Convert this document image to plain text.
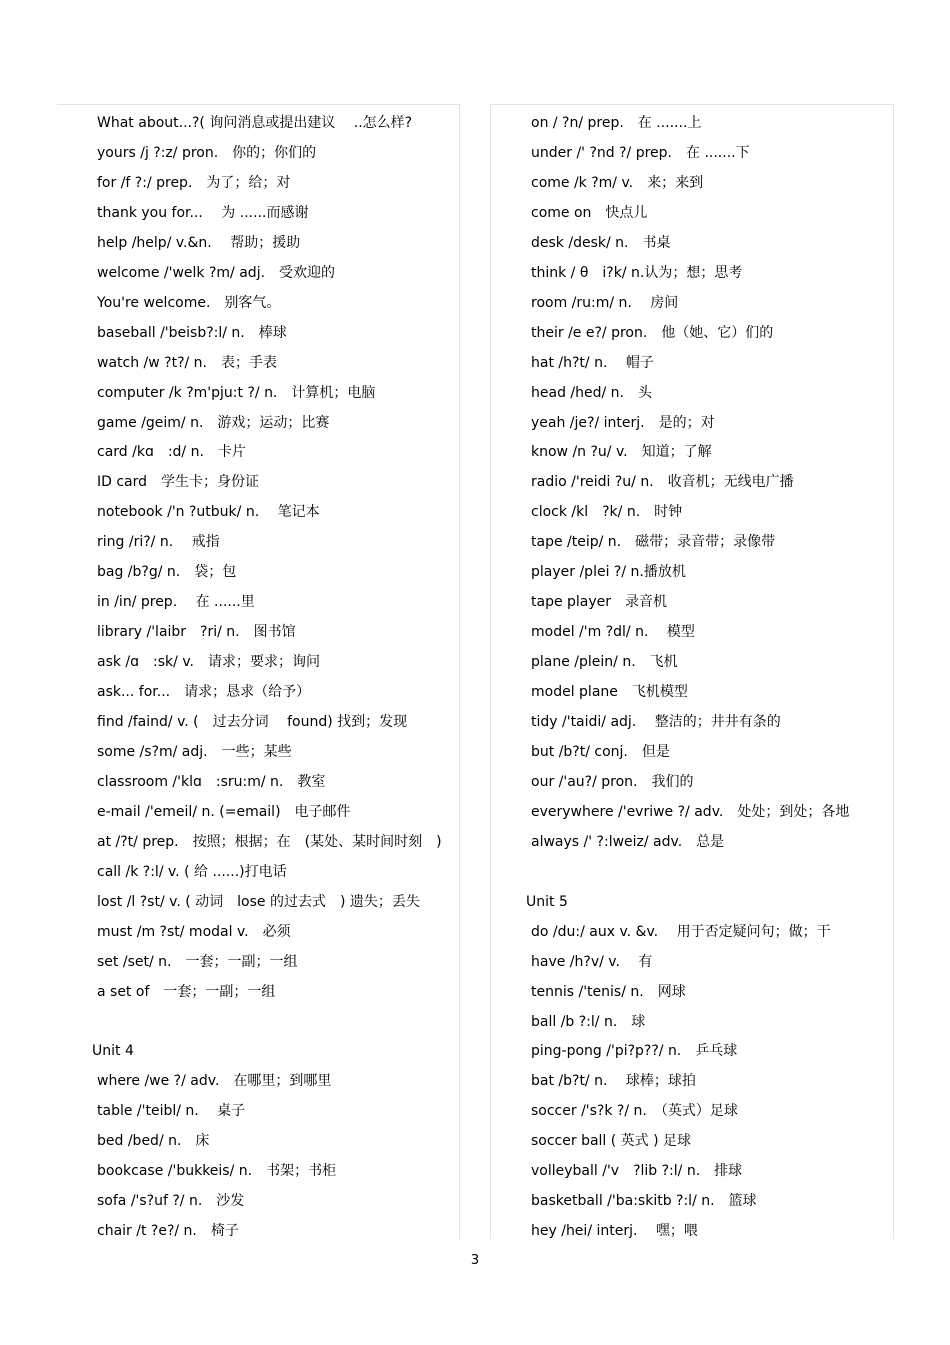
What about...?( 询问消息或提出建议　 ..怎么样?
yours /j ?:z/ pron.　你的；你们的
for /f ?:/ prep.　为了；给；对
thank you for...　 为 ......而感谢
help /help/ v.&n.　 帮助；援助
welcome /'welk ?m/ adj.　受欢迎的
You're welcome.　别客气。
baseball /'beisb?:l/ n.　棒球
watch /w ?t?/ n.　表；手表
computer /k ?m'pju:t ?/ n.　计算机；电脑
game /geim/ n.　游戏；运动；比赛
card /kɑ　:d/ n.　卡片
ID card　学生卡；身份证
notebook /'n ?utbuk/ n.　 笔记本
ring /ri?/ n.　 戒指
bag /b?g/ n.　袋；包
in /in/ prep.　 在 ......里
library /'laibr　?ri/ n.　图书馆
ask /ɑ　:sk/ v.　请求；要求；询问
ask... for...　请求；恳求（给予）
find /faind/ v. (　过去分词　 found) 找到；发现
some /s?m/ adj.　一些；某些
classroom /'klɑ　:sru:m/ n.　教室
e-mail /'emeil/ n. (=email)　电子邮件
at /?t/ prep.　按照；根据；在　(某处、某时间时刻　)
call /k ?:l/ v. ( 给 ......)打电话
lost /l ?st/ v. ( 动词　lose 的过去式　) 遗失；丢失
must /m ?st/ modal v.　必须
set /set/ n.　一套；一副；一组
a set of　一套；一副；一组
Unit 4
where /we ?/ adv.　在哪里；到哪里
table /'teibl/ n.　 桌子
bed /bed/ n.　床
bookcase /'bukkeis/ n.　书架；书柜
sofa /'s?uf ?/ n.　沙发
chair /t ?e?/ n.　椅子
on / ?n/ prep.　在 .......上
under /' ?nd ?/ prep.　在 .......下
come /k ?m/ v.　来；来到
come on　快点儿
desk /desk/ n.　书桌
think / θ　i?k/ n.认为；想；思考
room /ru:m/ n.　 房间
their /e e?/ pron.　他（她、它）们的
hat /h?t/ n.　 帽子
head /hed/ n.　头
yeah /je?/ interj.　是的；对
know /n ?u/ v.　知道；了解
radio /'reidi ?u/ n.　收音机；无线电广播
clock /kl　?k/ n.　时钟
tape /teip/ n.　磁带；录音带；录像带
player /plei ?/ n.播放机
tape player　录音机
model /'m ?dl/ n.　 模型
plane /plein/ n.　飞机
model plane　飞机模型
tidy /'taidi/ adj.　 整洁的；井井有条的
but /b?t/ conj.　但是
our /'au?/ pron.　我们的
everywhere /'evriwe ?/ adv.　处处；到处；各地
always /' ?:lweiz/ adv.　总是
Unit 5
do /du:/ aux v. &v.　 用于否定疑问句；做；干
have /h?v/ v.　 有
tennis /'tenis/ n.　网球
ball /b ?:l/ n.　球
ping-pong /'pi?p??/ n.　乒乓球
bat /b?t/ n.　 球棒；球拍
soccer /'s?k ?/ n.　（英式）足球
soccer ball ( 英式 ) 足球
volleyball /'v　?lib ?:l/ n.　排球
basketball /'ba:skitb ?:l/ n.　篮球
hey /hei/ interj.　 嘿；喂
3
